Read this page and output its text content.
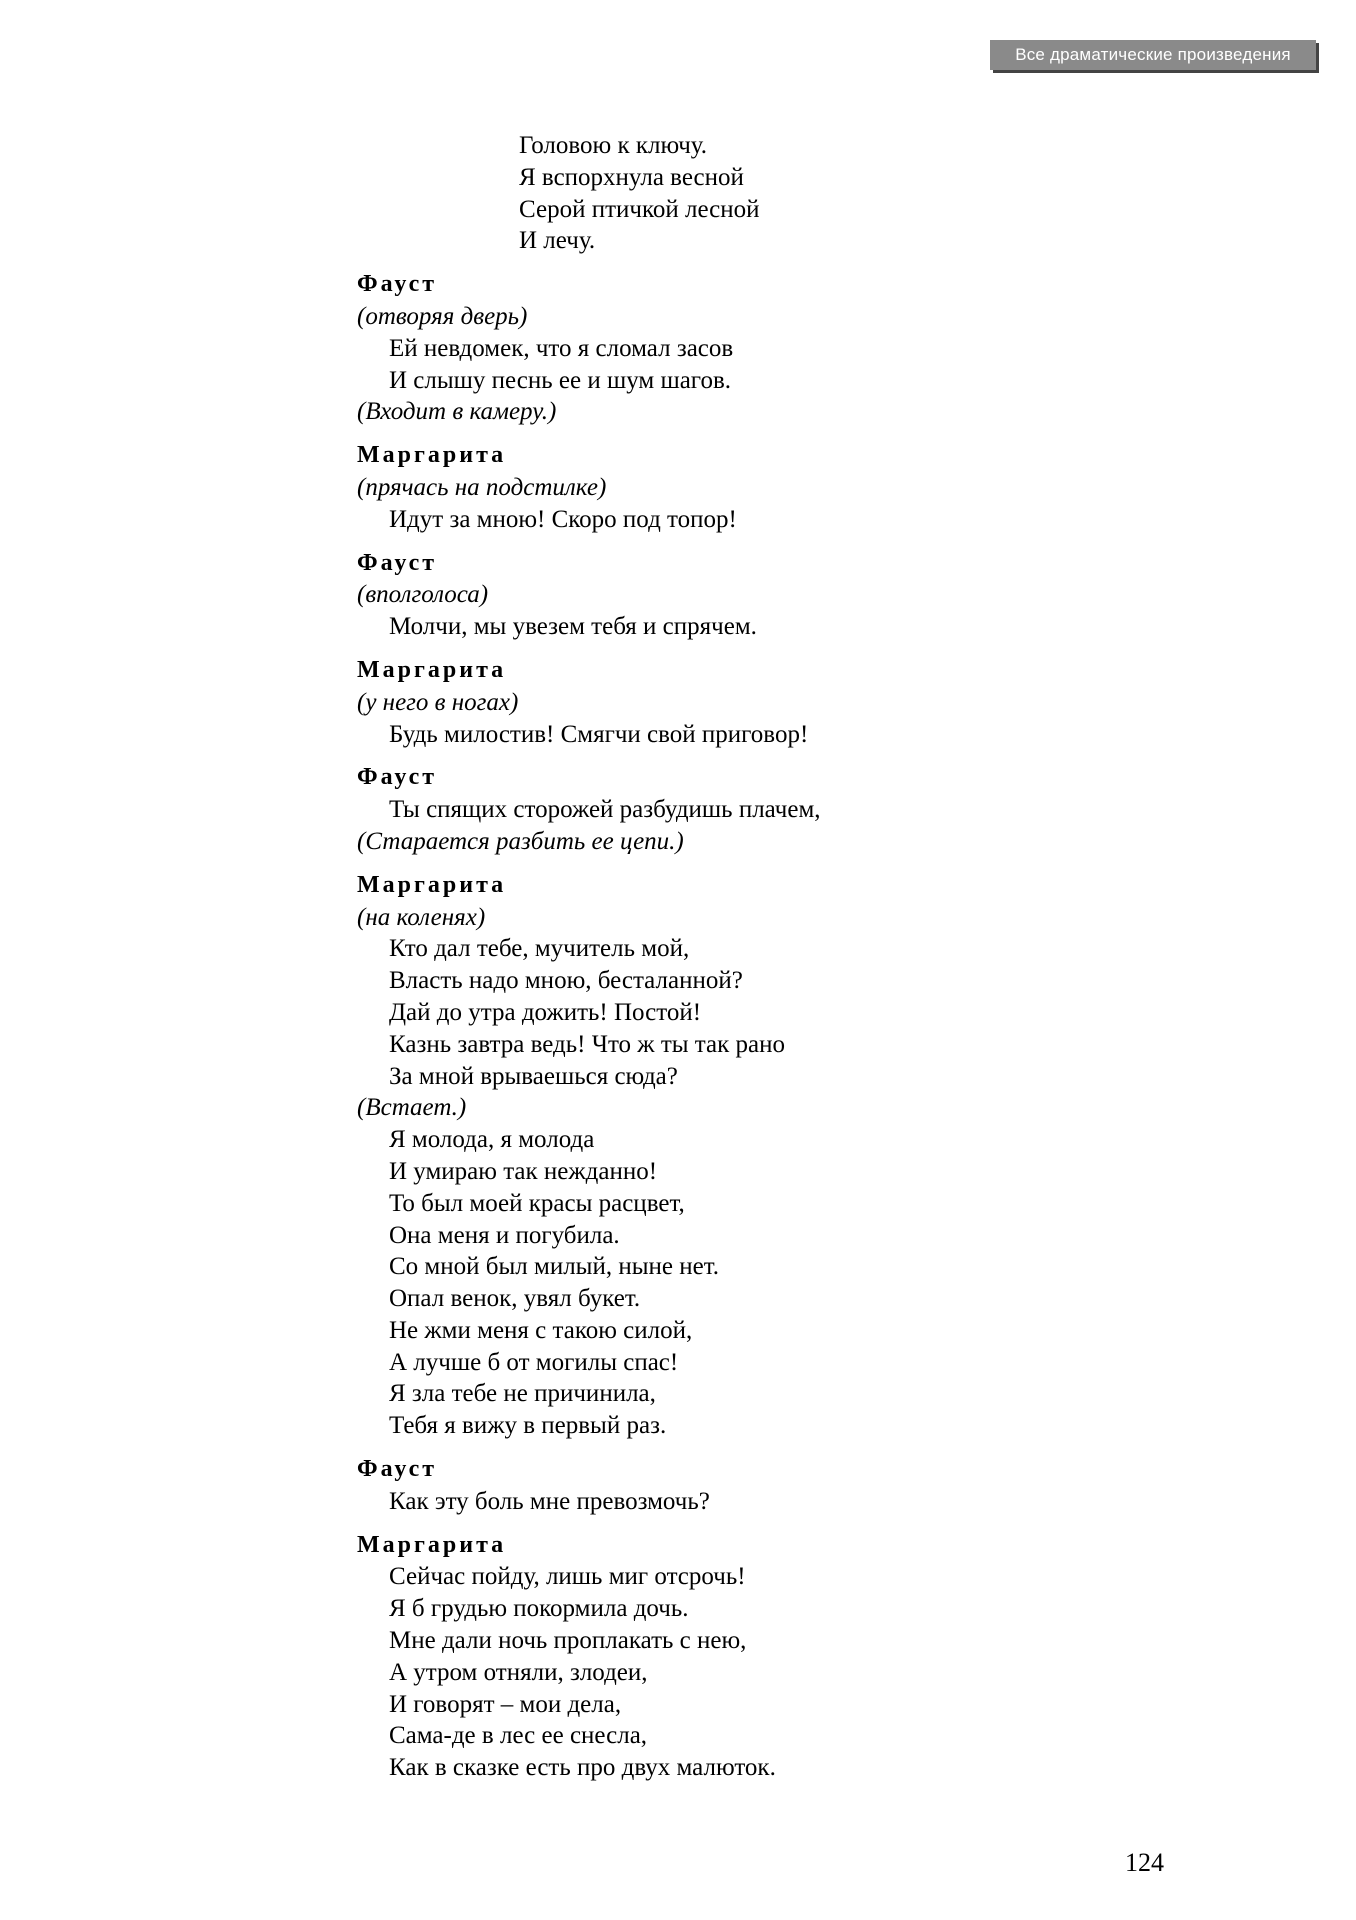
Все драматические произведения
Головою к ключу.
Я вспорхнула весной
Серой птичкой лесной
И лечу.
Фауст
(отворяя дверь)
Ей невдомек, что я сломал засов
И слышу песнь ее и шум шагов.
(Входит в камеру.)
Маргарита
(прячась на подстилке)
Идут за мною! Скоро под топор!
Фауст
(вполголоса)
Молчи, мы увезем тебя и спрячем.
Маргарита
(у него в ногах)
Будь милостив! Смягчи свой приговор!
Фауст
Ты спящих сторожей разбудишь плачем,
(Старается разбить ее цепи.)
Маргарита
(на коленях)
Кто дал тебе, мучитель мой,
Власть надо мною, бесталанной?
Дай до утра дожить! Постой!
Казнь завтра ведь! Что ж ты так рано
За мной врываешься сюда?
(Встает.)
Я молода, я молода
И умираю так нежданно!
То был моей красы расцвет,
Она меня и погубила.
Со мной был милый, ныне нет.
Опал венок, увял букет.
Не жми меня с такою силой,
А лучше б от могилы спас!
Я зла тебе не причинила,
Тебя я вижу в первый раз.
Фауст
Как эту боль мне превозмочь?
Маргарита
Сейчас пойду, лишь миг отсрочь!
Я б грудью покормила дочь.
Мне дали ночь проплакать с нею,
А утром отняли, злодеи,
И говорят – мои дела,
Сама-де в лес ее снесла,
Как в сказке есть про двух малюток.
124
